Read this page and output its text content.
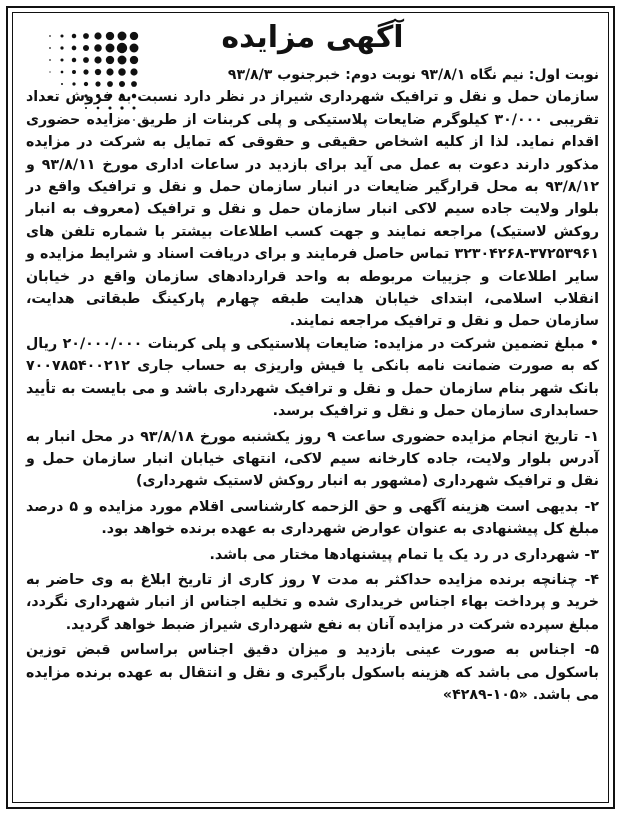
آگهی مزایده

نوبت اول: نیم نگاه ۹۳/۸/۱ نوبت دوم: خبرجنوب ۹۳/۸/۳

سازمان حمل و نقل و ترافیک شهرداری شیراز در نظر دارد نسبت به فروش تعداد تقریبی ۳۰/۰۰۰ کیلوگرم ضایعات پلاستیکی و پلی کربنات از طریق مزایده حضوری اقدام نماید. لذا از کلیه اشخاص حقیقی و حقوقی که تمایل به شرکت در مزایده مذکور دارند دعوت به عمل می آید برای بازدید در ساعات اداری مورخ ۹۳/۸/۱۱ و ۹۳/۸/۱۲ به محل قرارگیر ضایعات در انبار سازمان حمل و نقل و ترافیک واقع در بلوار ولایت جاده سیم لاکی انبار سازمان حمل و نقل و ترافیک (معروف به انبار روکش لاستیک) مراجعه نمایند و جهت کسب اطلاعات بیشتر با شماره تلفن های ۳۷۲۵۳۹۶۱-۳۲۳۰۴۲۶۸ تماس حاصل فرمایند و برای دریافت اسناد و شرایط مزایده و سایر اطلاعات و جزییات مربوطه به واحد قراردادهای سازمان واقع در خیابان انقلاب اسلامی، ابتدای خیابان هدایت طبقه چهارم پارکینگ طبقاتی هدایت، سازمان حمل و نقل و ترافیک مراجعه نمایند.

• مبلغ تضمین شرکت در مزایده: ضایعات پلاستیکی و پلی کربنات ۲۰/۰۰۰/۰۰۰ ریال که به صورت ضمانت نامه بانکی یا فیش واریزی به حساب جاری ۷۰۰۷۸۵۴۰۰۲۱۲ بانک شهر بنام سازمان حمل و نقل و ترافیک شهرداری باشد و می بایست به تأیید حسابداری سازمان حمل و نقل و ترافیک برسد.

۱- تاریخ انجام مزایده حضوری ساعت ۹ روز یکشنبه مورخ ۹۳/۸/۱۸ در محل انبار به آدرس بلوار ولایت، جاده کارخانه سیم لاکی، انتهای خیابان انبار سازمان حمل و نقل و ترافیک شهرداری (مشهور به انبار روکش لاستیک شهرداری)

۲- بدیهی است هزینه آگهی و حق الزحمه کارشناسی اقلام مورد مزایده و ۵ درصد مبلغ کل پیشنهادی به عنوان عوارض شهرداری به عهده برنده خواهد بود.

۳- شهرداری در رد یک یا تمام پیشنهادها مختار می باشد.

۴- چنانچه برنده مزایده حداکثر به مدت ۷ روز کاری از تاریخ ابلاغ به وی حاضر به خرید و پرداخت بهاء اجناس خریداری شده و تخلیه اجناس از انبار شهرداری نگردد، مبلغ سپرده شرکت در مزایده آنان به نفع شهرداری شیراز ضبط خواهد گردید.

۵- اجناس به صورت عینی بازدید و میزان دقیق اجناس براساس قبض توزین باسکول می باشد که هزینه باسکول بارگیری و نقل و انتقال به عهده برنده مزایده می باشد. «۱۰۵-۴۲۸۹»
